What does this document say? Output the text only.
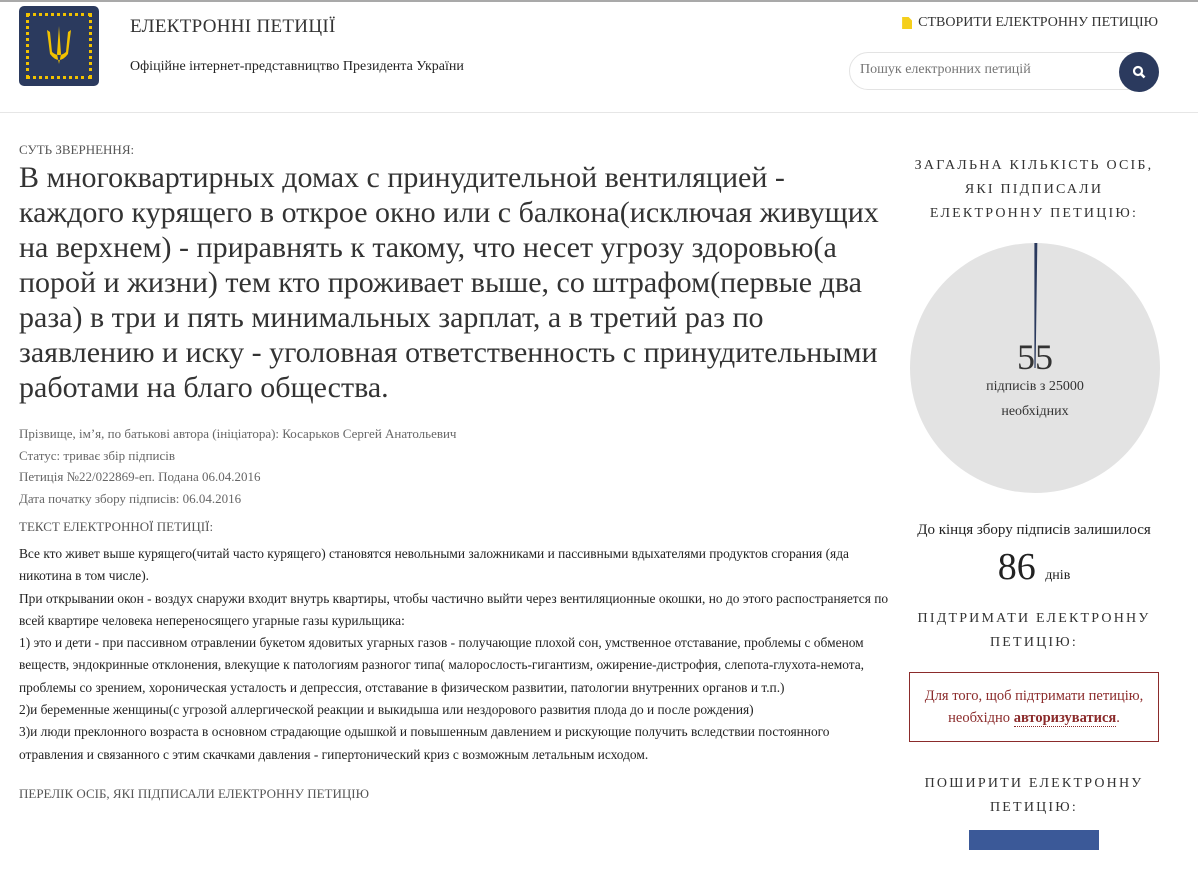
ЕЛЕКТРОННІ ПЕТИЦІЇ
Офіційне інтернет-представництво Президента України
СТВОРИТИ ЕЛЕКТРОННУ ПЕТИЦІЮ
Пошук електронних петицій
СУТЬ ЗВЕРНЕННЯ:
В многоквартирных домах с принудительной вентиляцией - каждого курящего в открое окно или с балкона(исключая живущих на верхнем) - приравнять к такому, что несет угрозу здоровью(а порой и жизни) тем кто проживает выше, со штрафом(первые два раза) в три и пять минимальных зарплат, а в третий раз по заявлению и иску - уголовная ответственность с принудительными работами на благо общества.
Прізвище, ім’я, по батькові автора (ініціатора): Косарьков Сергей Анатольевич
Статус: триває збір підписів
Петиція №22/022869-еп. Подана 06.04.2016
Дата початку збору підписів: 06.04.2016
ТЕКСТ ЕЛЕКТРОННОЇ ПЕТИЦІЇ:

Все кто живет выше курящего(читай часто курящего) становятся невольными заложниками и пассивными вдыхателями продуктов сгорания (яда никотина в том числе).

При открывании окон - воздух снаружи входит внутрь квартиры, чтобы частично выйти через вентиляционные окошки, но до этого распостраняется по всей квартире человека непереносящего угарные газы курильщика:

1) это и дети - при пассивном отравлении букетом ядовитых угарных газов - получающие плохой сон, умственное отставание, проблемы с обменом веществ, эндокринные отклонения, влекущие к патологиям разногог типа( малорослость-гигантизм, ожирение-дистрофия, слепота-глухота-немота, проблемы со зрением, хороническая усталость и депрессия, отставание в физическом развитии, патологии внутренних органов и т.п.)

2)и беременные женщины(с угрозой аллергической реакции и выкидыша или нездорового развития плода до и после рождения)

3)и люди преклонного возраста в основном страдающие одышкой и повышенным давлением и рискующие получить вследствии постоянного отравления и связанного с этим скачками давления - гипертонический криз с возможным летальным исходом.

ПЕРЕЛІК ОСІБ, ЯКІ ПІДПИСАЛИ ЕЛЕКТРОННУ ПЕТИЦІЮ
ЗАГАЛЬНА КІЛЬКІСТЬ ОСІБ, ЯКІ ПІДПИСАЛИ ЕЛЕКТРОННУ ПЕТИЦІЮ:
55
підписів з 25000 необхідних
До кінця збору підписів залишилося
86 днів
ПІДТРИМАТИ ЕЛЕКТРОННУ ПЕТИЦІЮ:
Для того, щоб підтримати петицію, необхідно авторизуватися.
ПОШИРИТИ ЕЛЕКТРОННУ ПЕТИЦІЮ:
